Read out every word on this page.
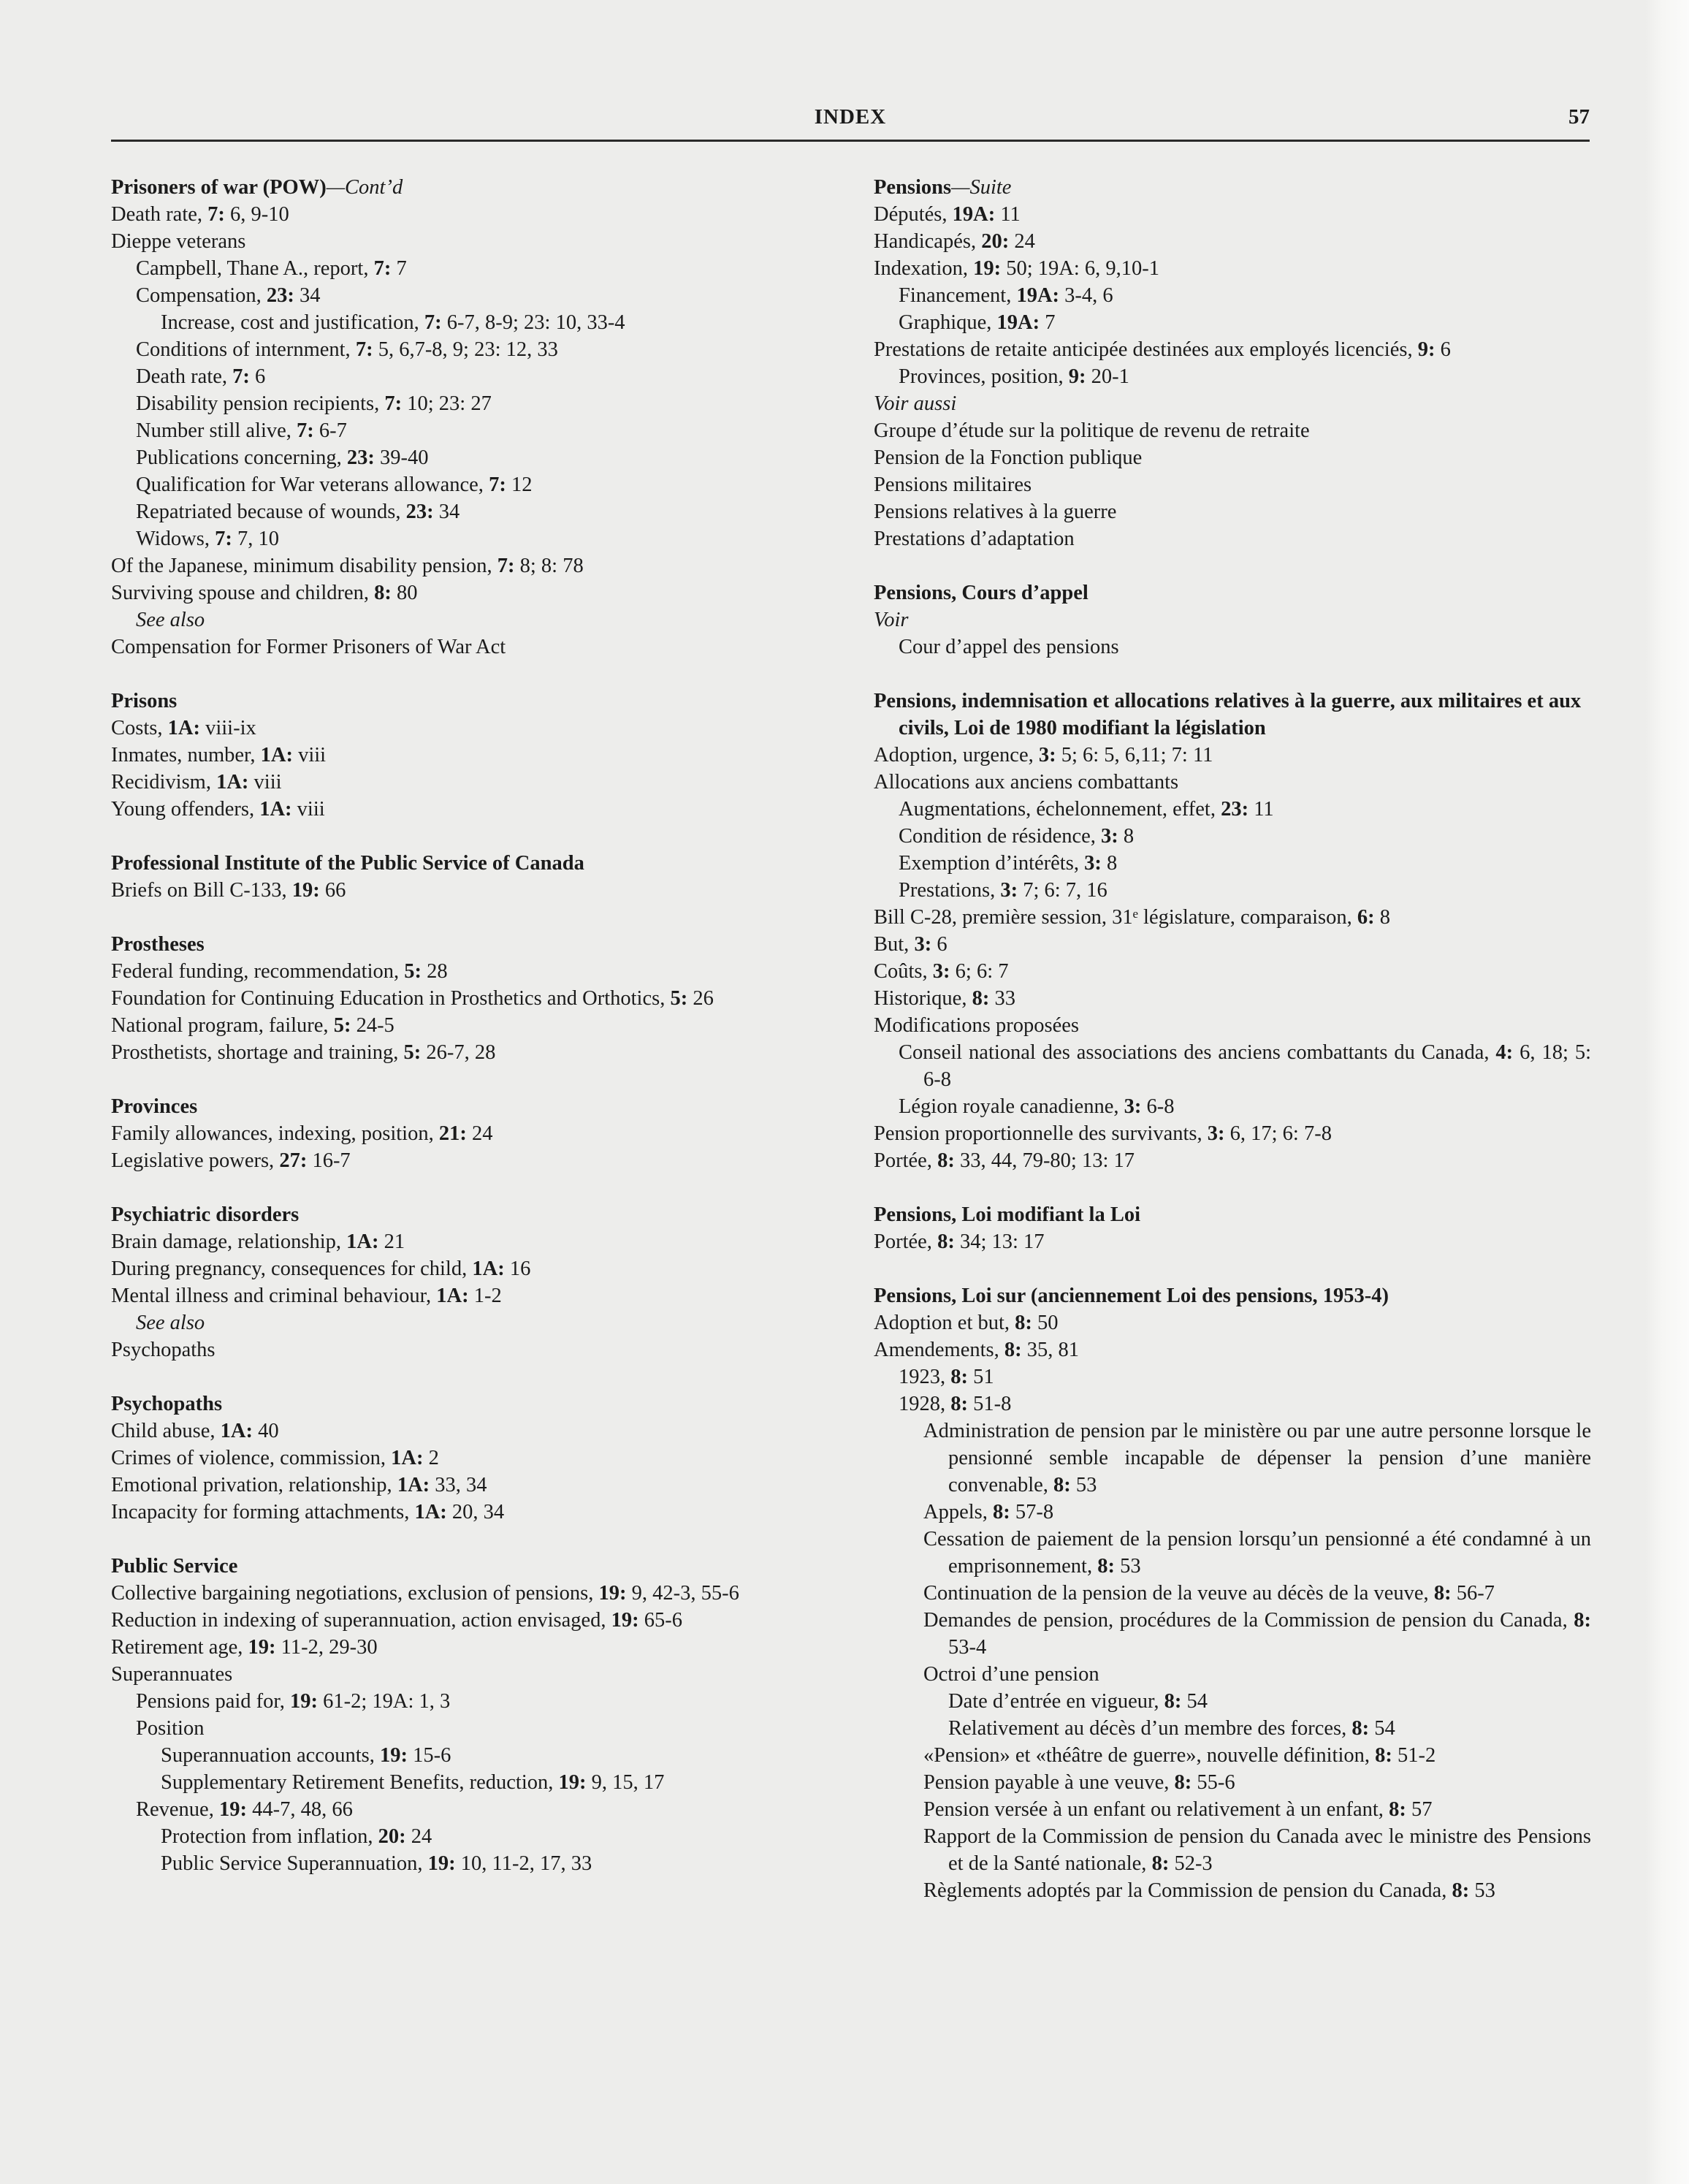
INDEX	57
Prisoners of war (POW)—Cont’d
Death rate, 7: 6, 9-10
Dieppe veterans
Campbell, Thane A., report, 7: 7
Compensation, 23: 34
Increase, cost and justification, 7: 6-7, 8-9; 23: 10, 33-4
Conditions of internment, 7: 5, 6,7-8, 9; 23: 12, 33
Death rate, 7: 6
Disability pension recipients, 7: 10; 23: 27
Number still alive, 7: 6-7
Publications concerning, 23: 39-40
Qualification for War veterans allowance, 7: 12
Repatriated because of wounds, 23: 34
Widows, 7: 7, 10
Of the Japanese, minimum disability pension, 7: 8; 8: 78
Surviving spouse and children, 8: 80
See also
Compensation for Former Prisoners of War Act
Prisons
Costs, 1A: viii-ix
Inmates, number, 1A: viii
Recidivism, 1A: viii
Young offenders, 1A: viii
Professional Institute of the Public Service of Canada
Briefs on Bill C-133, 19: 66
Prostheses
Federal funding, recommendation, 5: 28
Foundation for Continuing Education in Prosthetics and Orthotics, 5: 26
National program, failure, 5: 24-5
Prosthetists, shortage and training, 5: 26-7, 28
Provinces
Family allowances, indexing, position, 21: 24
Legislative powers, 27: 16-7
Psychiatric disorders
Brain damage, relationship, 1A: 21
During pregnancy, consequences for child, 1A: 16
Mental illness and criminal behaviour, 1A: 1-2
See also
Psychopaths
Psychopaths
Child abuse, 1A: 40
Crimes of violence, commission, 1A: 2
Emotional privation, relationship, 1A: 33, 34
Incapacity for forming attachments, 1A: 20, 34
Public Service
Collective bargaining negotiations, exclusion of pensions, 19: 9, 42-3, 55-6
Reduction in indexing of superannuation, action envisaged, 19: 65-6
Retirement age, 19: 11-2, 29-30
Superannuates
Pensions paid for, 19: 61-2; 19A: 1, 3
Position
Superannuation accounts, 19: 15-6
Supplementary Retirement Benefits, reduction, 19: 9, 15, 17
Revenue, 19: 44-7, 48, 66
Protection from inflation, 20: 24
Public Service Superannuation, 19: 10, 11-2, 17, 33
Pensions—Suite
Députés, 19A: 11
Handicapés, 20: 24
Indexation, 19: 50; 19A: 6, 9,10-1
Financement, 19A: 3-4, 6
Graphique, 19A: 7
Prestations de retaite anticipée destinées aux employés licenciés, 9: 6
Provinces, position, 9: 20-1
Voir aussi
Groupe d’étude sur la politique de revenu de retraite
Pension de la Fonction publique
Pensions militaires
Pensions relatives à la guerre
Prestations d’adaptation
Pensions, Cours d’appel
Voir
Cour d’appel des pensions
Pensions, indemnisation et allocations relatives à la guerre, aux militaires et aux civils, Loi de 1980 modifiant la législation
Adoption, urgence, 3: 5; 6: 5, 6,11; 7: 11
Allocations aux anciens combattants
Augmentations, échelonnement, effet, 23: 11
Condition de résidence, 3: 8
Exemption d’intérêts, 3: 8
Prestations, 3: 7; 6: 7, 16
Bill C-28, première session, 31ᵉ législature, comparaison, 6: 8
But, 3: 6
Coûts, 3: 6; 6: 7
Historique, 8: 33
Modifications proposées
Conseil national des associations des anciens combattants du Canada, 4: 6, 18; 5: 6-8
Légion royale canadienne, 3: 6-8
Pension proportionnelle des survivants, 3: 6, 17; 6: 7-8
Portée, 8: 33, 44, 79-80; 13: 17
Pensions, Loi modifiant la Loi
Portée, 8: 34; 13: 17
Pensions, Loi sur (anciennement Loi des pensions, 1953-4)
Adoption et but, 8: 50
Amendements, 8: 35, 81
1923, 8: 51
1928, 8: 51-8
Administration de pension par le ministère ou par une autre personne lorsque le pensionné semble incapable de dépenser la pension d’une manière convenable, 8: 53
Appels, 8: 57-8
Cessation de paiement de la pension lorsqu’un pensionné a été condamné à un emprisonnement, 8: 53
Continuation de la pension de la veuve au décès de la veuve, 8: 56-7
Demandes de pension, procédures de la Commission de pension du Canada, 8: 53-4
Octroi d’une pension
Date d’entrée en vigueur, 8: 54
Relativement au décès d’un membre des forces, 8: 54
«Pension» et «théâtre de guerre», nouvelle définition, 8: 51-2
Pension payable à une veuve, 8: 55-6
Pension versée à un enfant ou relativement à un enfant, 8: 57
Rapport de la Commission de pension du Canada avec le ministre des Pensions et de la Santé nationale, 8: 52-3
Règlements adoptés par la Commission de pension du Canada, 8: 53
